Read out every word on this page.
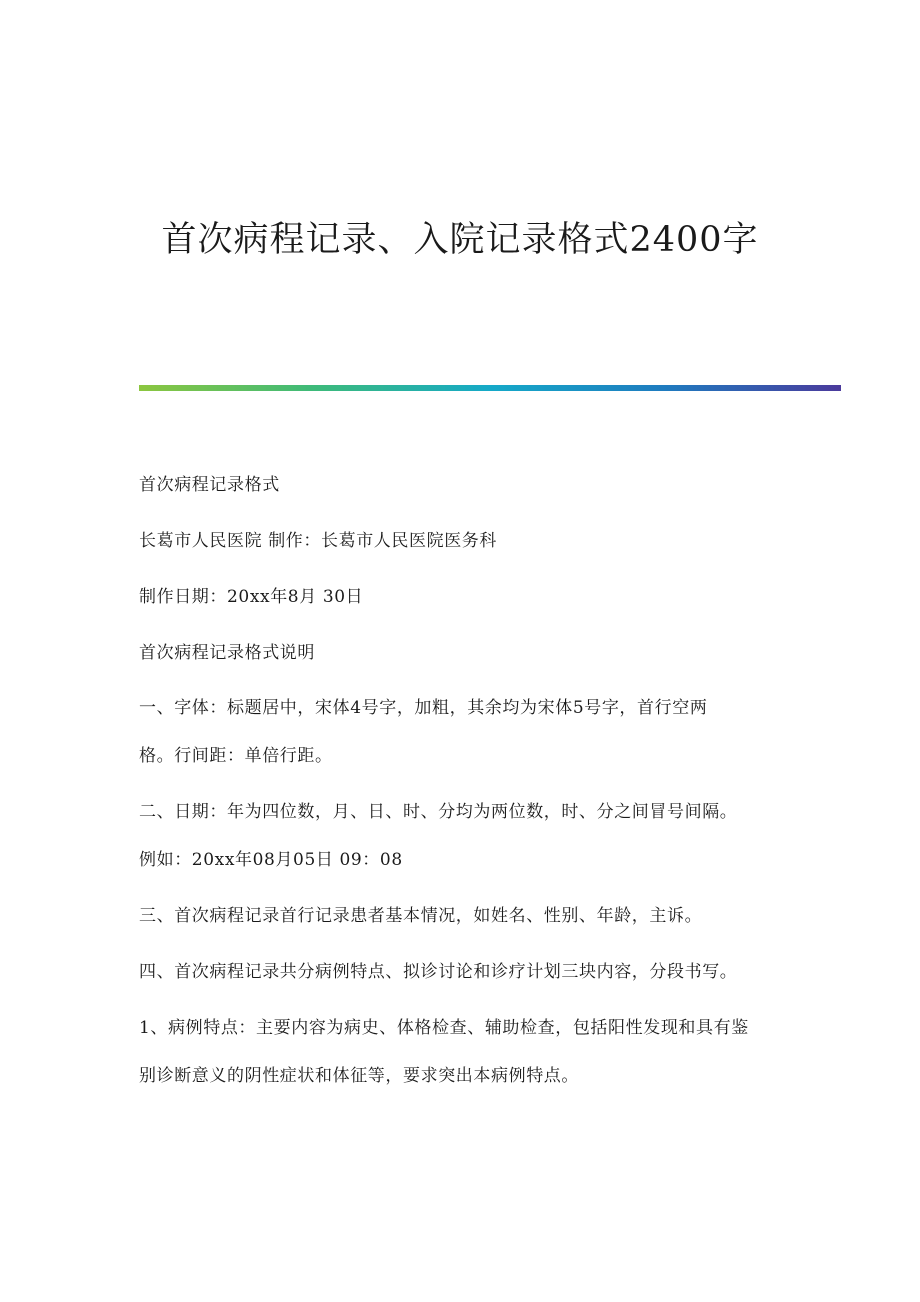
首次病程记录、入院记录格式2400字
首次病程记录格式
长葛市人民医院 制作：长葛市人民医院医务科
制作日期：20xx年8月 30日
首次病程记录格式说明
一、字体：标题居中，宋体4号字，加粗，其余均为宋体5号字，首行空两
格。行间距：单倍行距。
二、日期：年为四位数，月、日、时、分均为两位数，时、分之间冒号间隔。
例如：20xx年08月05日 09：08
三、首次病程记录首行记录患者基本情况，如姓名、性别、年龄，主诉。
四、首次病程记录共分病例特点、拟诊讨论和诊疗计划三块内容，分段书写。
1、病例特点：主要内容为病史、体格检查、辅助检查，包括阳性发现和具有鉴
别诊断意义的阴性症状和体征等，要求突出本病例特点。
